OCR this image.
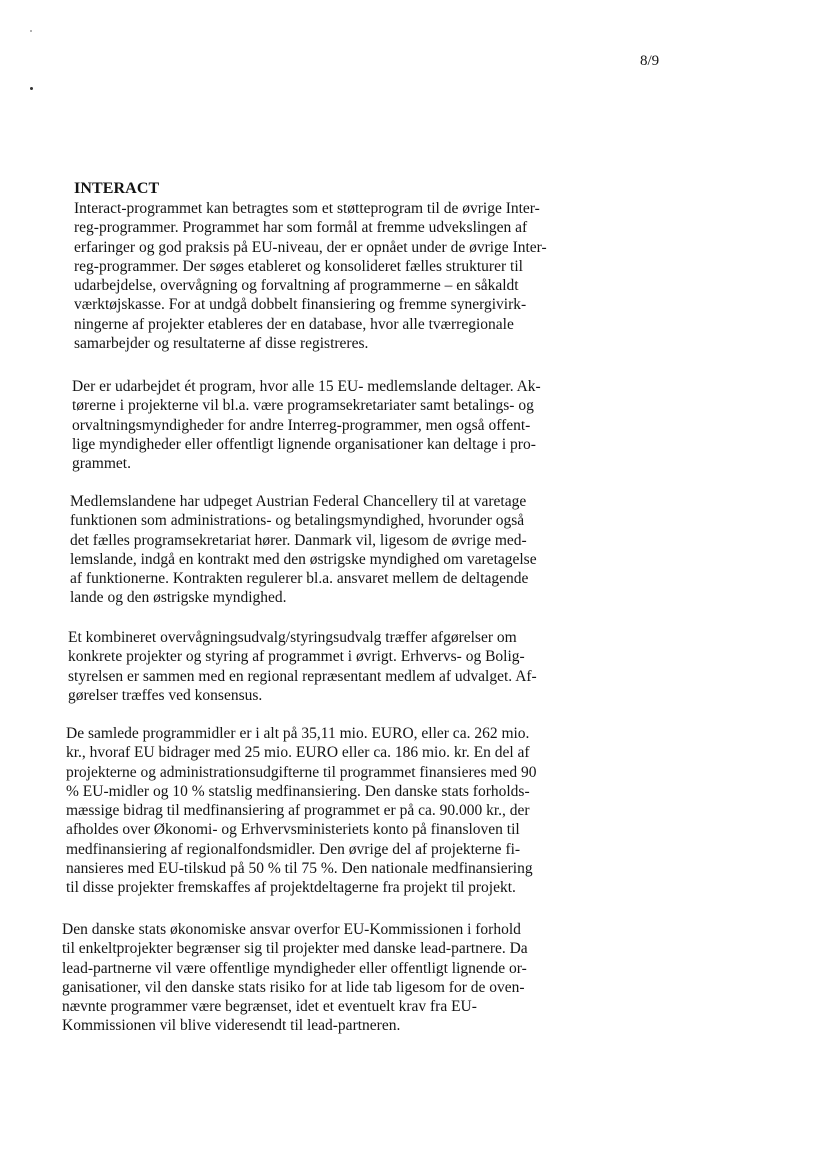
8/9
INTERACT
Interact-programmet kan betragtes som et støtteprogram til de øvrige Inter-
reg-programmer. Programmet har som formål at fremme udvekslingen af
erfaringer og god praksis på EU-niveau, der er opnået under de øvrige Inter-
reg-programmer. Der søges etableret og konsolideret fælles strukturer til
udarbejdelse, overvågning og forvaltning af programmerne – en såkaldt
værktøjskasse. For at undgå dobbelt finansiering og fremme synergivirk-
ningerne af projekter etableres der en database, hvor alle tværregionale
samarbejder og resultaterne af disse registreres.
Der er udarbejdet ét program, hvor alle 15 EU- medlemslande deltager. Ak-
tørerne i projekterne vil bl.a. være programsekretariater samt betalings- og
orvaltningsmyndigheder for andre Interreg-programmer, men også offent-
lige myndigheder eller offentligt lignende organisationer kan deltage i pro-
grammet.
Medlemslandene har udpeget Austrian Federal Chancellery til at varetage
funktionen som administrations- og betalingsmyndighed, hvorunder også
det fælles programsekretariat hører. Danmark vil, ligesom de øvrige med-
lemslande, indgå en kontrakt med den østrigske myndighed om varetagelse
af funktionerne. Kontrakten regulerer bl.a. ansvaret mellem de deltagende
lande og den østrigske myndighed.
Et kombineret overvågningsudvalg/styringsudvalg træffer afgørelser om
konkrete projekter og styring af programmet i øvrigt. Erhvervs- og Bolig-
styrelsen er sammen med en regional repræsentant medlem af udvalget. Af-
gørelser træffes ved konsensus.
De samlede programmidler er i alt på 35,11 mio. EURO, eller ca. 262 mio.
kr., hvoraf EU bidrager med 25 mio. EURO eller ca. 186 mio. kr. En del af
projekterne og administrationsudgifterne til programmet finansieres med 90
% EU-midler og 10 % statslig medfinansiering. Den danske stats forholds-
mæssige bidrag til medfinansiering af programmet er på ca. 90.000 kr., der
afholdes over Økonomi- og Erhvervsministeriets konto på finansloven til
medfinansiering af regionalfondsmidler. Den øvrige del af projekterne fi-
nansieres med EU-tilskud på 50 % til 75 %. Den nationale medfinansiering
til disse projekter fremskaffes af projektdeltagerne fra projekt til projekt.
Den danske stats økonomiske ansvar overfor EU-Kommissionen i forhold
til enkeltprojekter begrænser sig til projekter med danske lead-partnere. Da
lead-partnerne vil være offentlige myndigheder eller offentligt lignende or-
ganisationer, vil den danske stats risiko for at lide tab ligesom for de oven-
nævnte programmer være begrænset, idet et eventuelt krav fra EU-
Kommissionen vil blive videresendt til lead-partneren.
